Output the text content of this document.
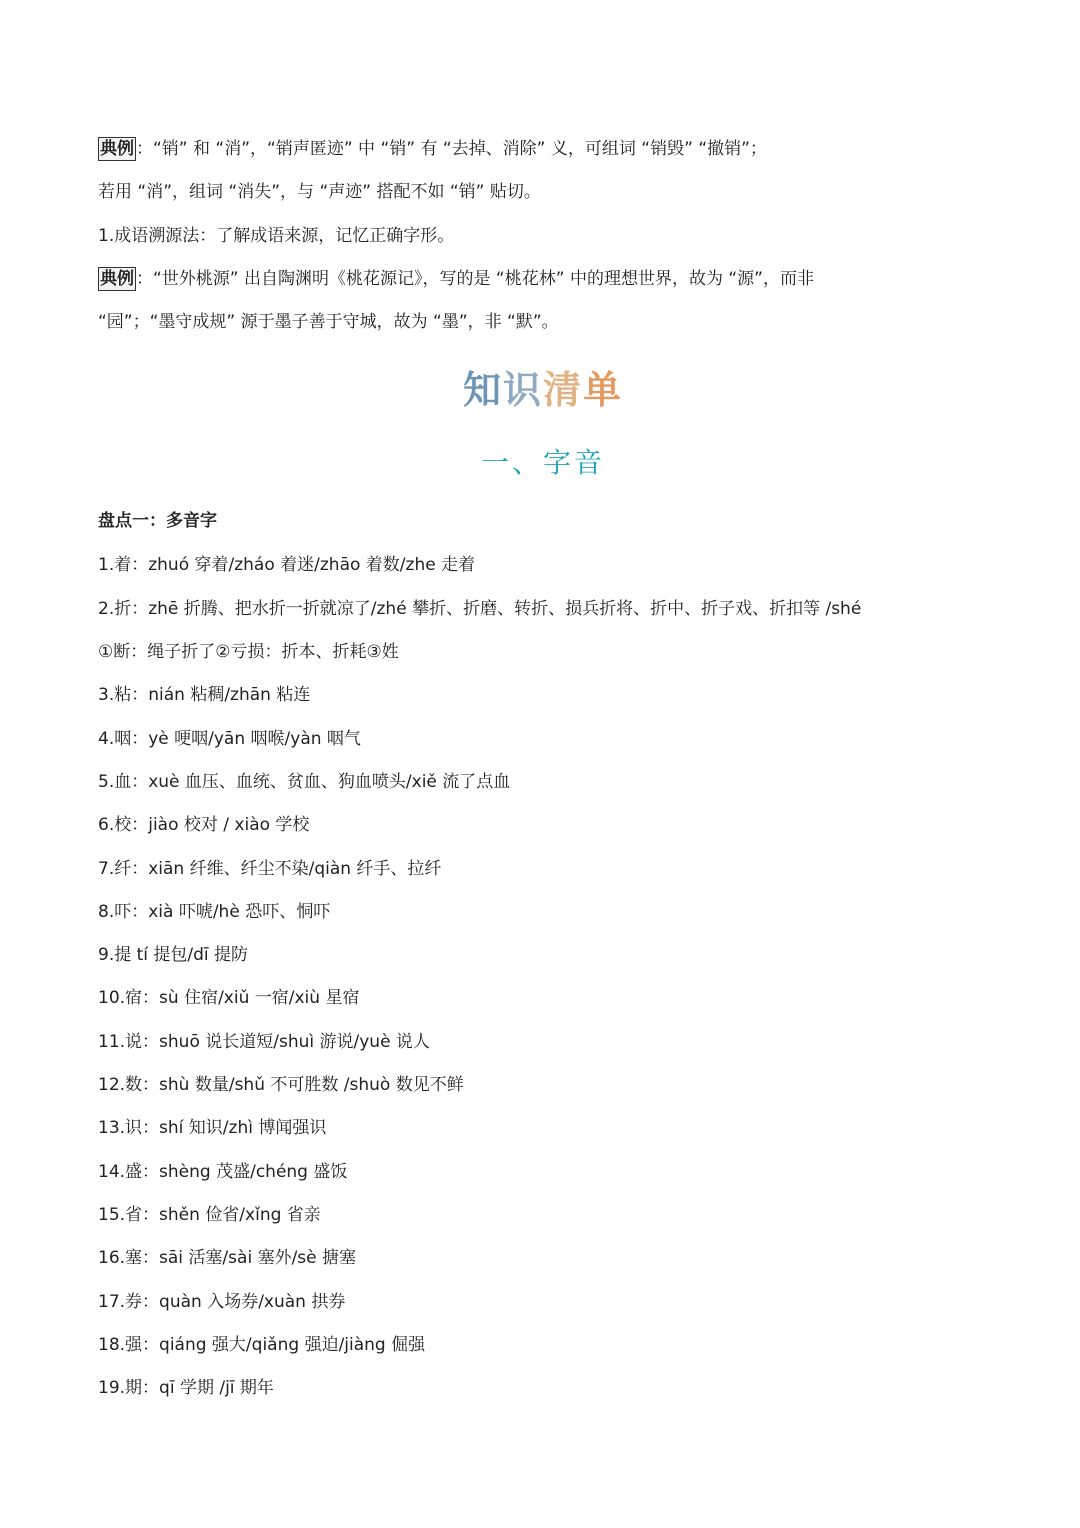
典例 ：“销” 和 “消”，“销声匿迹” 中 “销” 有 “去掉、消除” 义，可组词 “销毁” “撤销”；
若用 “消”，组词 “消失”，与 “声迹” 搭配不如 “销” 贴切。
1.成语溯源法：了解成语来源，记忆正确字形。
典例 ：“世外桃源” 出自陶渊明《桃花源记》，写的是 “桃花林” 中的理想世界，故为 “源”，而非
“园”；“墨守成规” 源于墨子善于守城，故为 “墨”，非 “默”。
知识清单
一、字音
盘点一：多音字
1.着：zhuó 穿着/zháo 着迷/zhāo 着数/zhe 走着
2.折：zhē 折腾、把水折一折就凉了/zhé 攀折、折磨、转折、损兵折将、折中、折子戏、折扣等 /shé
①断：绳子折了②亏损：折本、折耗③姓
3.粘：nián 粘稠/zhān 粘连
4.咽：yè 哽咽/yān 咽喉/yàn 咽气
5.血：xuè 血压、血统、贫血、狗血喷头/xiě 流了点血
6.校：jiào 校对 / xiào 学校
7.纤：xiān 纤维、纤尘不染/qiàn 纤手、拉纤
8.吓：xià 吓唬/hè 恐吓、恫吓
9.提 tí 提包/dī 提防
10.宿：sù 住宿/xiǔ 一宿/xiù 星宿
11.说：shuō 说长道短/shuì 游说/yuè 说人
12.数：shù 数量/shǔ 不可胜数 /shuò 数见不鲜
13.识：shí 知识/zhì 博闻强识
14.盛：shèng 茂盛/chéng 盛饭
15.省：shěn 俭省/xǐng 省亲
16.塞：sāi 活塞/sài 塞外/sè 搪塞
17.券：quàn 入场券/xuàn 拱券
18.强：qiáng 强大/qiǎng 强迫/jiàng 倔强
19.期：qī 学期 /jī 期年
